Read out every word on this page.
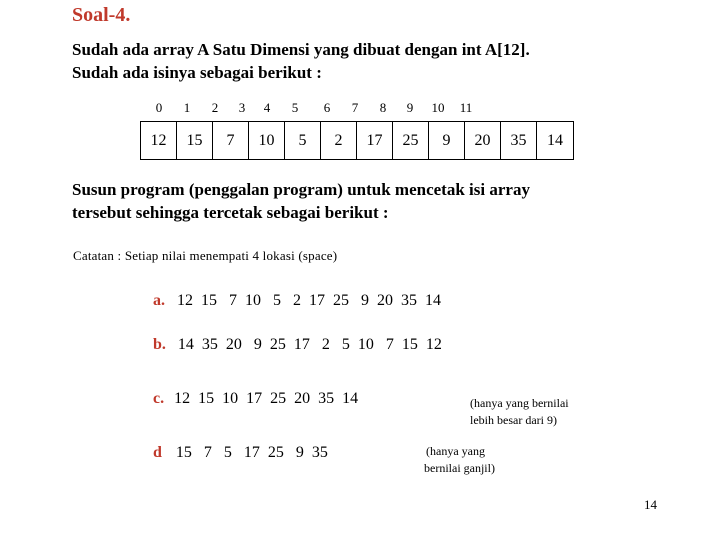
Soal-4.
Sudah ada array A Satu Dimensi yang dibuat dengan int A[12].
Sudah ada isinya sebagai berikut :
0	1	2	3	4	5	6	7	8	9	10	11
12	15	7	10	5	2	17	25	9	20	35	14
Susun program (penggalan program) untuk mencetak isi array
tersebut sehingga tercetak sebagai berikut :
Catatan : Setiap nilai menempati 4 lokasi (space)
a. 12  15   7  10   5   2  17  25   9  20  35  14
b. 14  35  20   9  25  17   2   5  10   7  15  12
c. 12  15  10  17  25  20  35  14	(hanya yang bernilai
lebih besar dari 9)
d 15   7   5   17  25   9  35	(hanya yang
bernilai ganjil)
14
